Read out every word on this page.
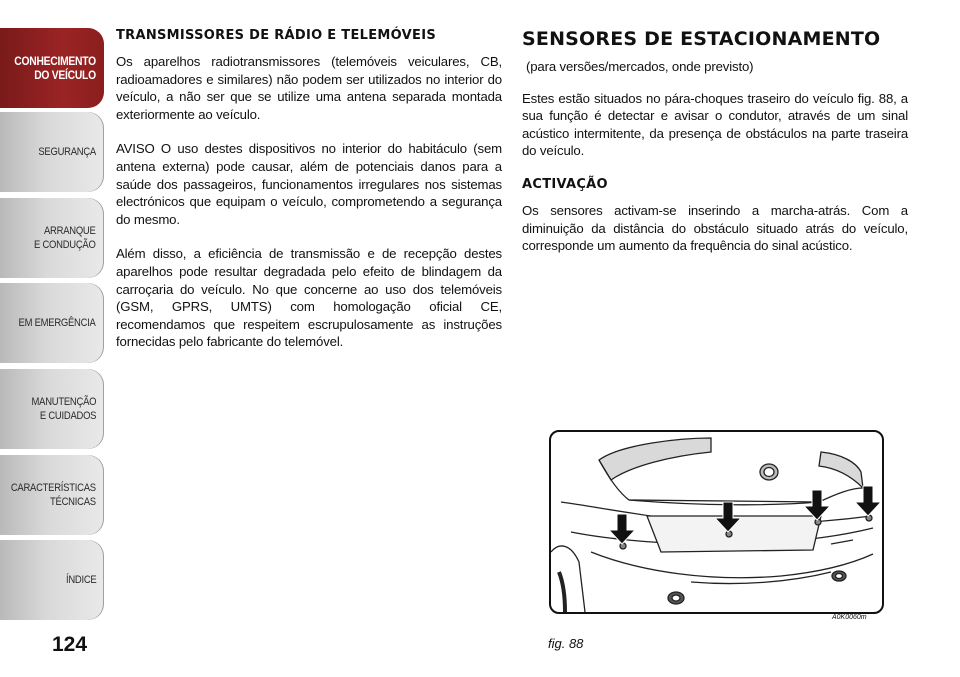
CONHECIMENTO
DO VEÍCULO
SEGURANÇA
ARRANQUE
E CONDUÇÃO
EM EMERGÊNCIA
MANUTENÇÃO
E CUIDADOS
CARACTERÍSTICAS
TÉCNICAS
ÍNDICE
124
TRANSMISSORES DE RÁDIO E TELEMÓVEIS

Os aparelhos radiotransmissores (telemóveis veiculares, CB, radioamadores e similares) não podem ser utilizados no interior do veículo, a não ser que se utilize uma antena separada montada exteriormente ao veículo.

AVISO O uso destes dispositivos no interior do habitáculo (sem antena externa) pode causar, além de potenciais danos para a saúde dos passageiros, funcionamentos irregulares nos sistemas electrónicos que equipam o veículo, comprometendo a segurança do mesmo.

Além disso, a eficiência de transmissão e de recepção destes aparelhos pode resultar degradada pelo efeito de blindagem da carroçaria do veículo. No que concerne ao uso dos telemóveis (GSM, GPRS, UMTS) com homologação oficial CE, recomendamos que respeitem escrupulosamente as instruções fornecidas pelo fabricante do telemóvel.

SENSORES DE ESTACIONAMENTO

(para versões/mercados, onde previsto)

Estes estão situados no pára-choques traseiro do veículo fig. 88, a sua função é detectar e avisar o condutor, através de um sinal acústico intermitente, da presença de obstáculos na parte traseira do veículo.

ACTIVAÇÃO

Os sensores activam-se inserindo a marcha-atrás. Com a diminuição da distância do obstáculo situado atrás do veículo, corresponde um aumento da frequência do sinal acústico.

A0K0060m
fig. 88
